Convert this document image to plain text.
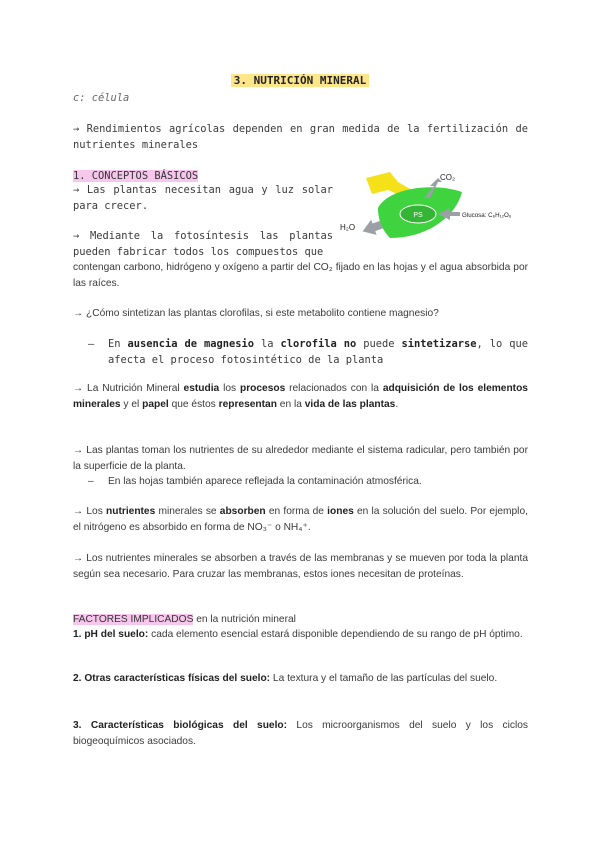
3. NUTRICIÓN MINERAL
c: célula
→ Rendimientos agrícolas dependen en gran medida de la fertilización de nutrientes minerales
1. CONCEPTOS BÁSICOS
→ Las plantas necesitan agua y luz solar para crecer.
→ Mediante la fotosíntesis las plantas pueden fabricar todos los compuestos que
contengan carbono, hidrógeno y oxígeno a partir del CO₂ fijado en las hojas y el agua absorbida por las raíces.
PS
CO₂
H₂O
Glucosa: C₆H₁₂O₆
→ ¿Cómo sintetizan las plantas clorofilas, si este metabolito contiene magnesio?
– En ausencia de magnesio la clorofila no puede sintetizarse, lo que afecta el proceso fotosintético de la planta
→ La Nutrición Mineral estudia los procesos relacionados con la adquisición de los elementos minerales y el papel que éstos representan en la vida de las plantas.
→ Las plantas toman los nutrientes de su alrededor mediante el sistema radicular, pero también por la superficie de la planta.
– En las hojas también aparece reflejada la contaminación atmosférica.
→ Los nutrientes minerales se absorben en forma de iones en la solución del suelo. Por ejemplo, el nitrógeno es absorbido en forma de NO₃⁻ o NH₄⁺.
→ Los nutrientes minerales se absorben a través de las membranas y se mueven por toda la planta según sea necesario. Para cruzar las membranas, estos iones necesitan de proteínas.
FACTORES IMPLICADOS en la nutrición mineral
1. pH del suelo: cada elemento esencial estará disponible dependiendo de su rango de pH óptimo.
2. Otras características físicas del suelo: La textura y el tamaño de las partículas del suelo.
3. Características biológicas del suelo: Los microorganismos del suelo y los ciclos biogeoquímicos asociados.
